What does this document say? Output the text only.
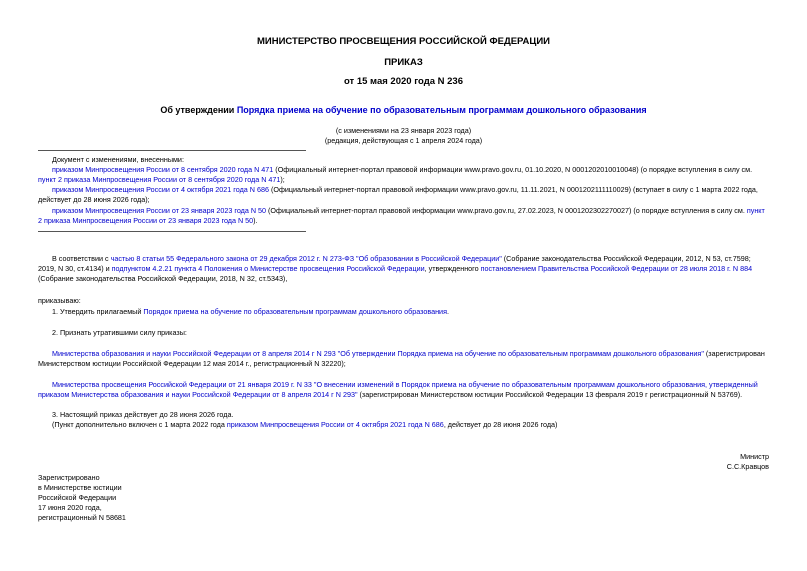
МИНИСТЕРСТВО ПРОСВЕЩЕНИЯ РОССИЙСКОЙ ФЕДЕРАЦИИ
ПРИКАЗ
от 15 мая 2020 года N 236
Об утверждении Порядка приема на обучение по образовательным программам дошкольного образования
(с изменениями на 23 января 2023 года)
(редакция, действующая с 1 апреля 2024 года)
Документ с изменениями, внесенными:
приказом Минпросвещения России от 8 сентября 2020 года N 471 (Официальный интернет-портал правовой информации www.pravo.gov.ru, 01.10.2020, N 0001202010010048) (о порядке вступления в силу см.
пункт 2 приказа Минпросвещения России от 8 сентября 2020 года N 471);
приказом Минпросвещения России от 4 октября 2021 года N 686 (Официальный интернет-портал правовой информации www.pravo.gov.ru, 11.11.2021, N 0001202111110029) (вступает в силу с 1 марта 2022 года,
действует до 28 июня 2026 года);
приказом Минпросвещения России от 23 января 2023 года N 50 (Официальный интернет-портал правовой информации www.pravo.gov.ru, 27.02.2023, N 0001202302270027) (о порядке вступления в силу см. пункт
2 приказа Минпросвещения России от 23 января 2023 года N 50).
В соответствии с частью 8 статьи 55 Федерального закона от 29 декабря 2012 г. N 273-ФЗ "Об образовании в Российской Федерации" (Собрание законодательства Российской Федерации, 2012, N 53, ст.7598;
2019, N 30, ст.4134) и подпунктом 4.2.21 пункта 4 Положения о Министерстве просвещения Российской Федерации, утвержденного постановлением Правительства Российской Федерации от 28 июля 2018 г. N 884
(Собрание законодательства Российской Федерации, 2018, N 32, ст.5343),
приказываю:
1. Утвердить прилагаемый Порядок приема на обучение по образовательным программам дошкольного образования.
2. Признать утратившими силу приказы:
Министерства образования и науки Российской Федерации от 8 апреля 2014 г N 293 "Об утверждении Порядка приема на обучение по образовательным программам дошкольного образования" (зарегистрирован
Министерством юстиции Российской Федерации 12 мая 2014 г., регистрационный N 32220);
Министерства просвещения Российской Федерации от 21 января 2019 г. N 33 "О внесении изменений в Порядок приема на обучение по образовательным программам дошкольного образования, утвержденный
приказом Министерства образования и науки Российской Федерации от 8 апреля 2014 г N 293" (зарегистрирован Министерством юстиции Российской Федерации 13 февраля 2019 г регистрационный N 53769).
3. Настоящий приказ действует до 28 июня 2026 года.
(Пункт дополнительно включен с 1 марта 2022 года приказом Минпросвещения России от 4 октября 2021 года N 686, действует до 28 июня 2026 года)
Министр
С.С.Кравцов
Зарегистрировано
в Министерстве юстиции
Российской Федерации
17 июня 2020 года,
регистрационный N 58681
